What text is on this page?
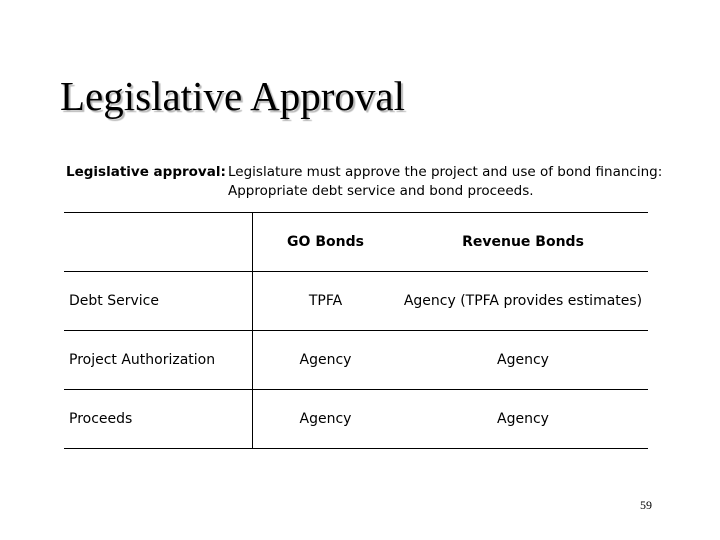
Legislative Approval
Legislative approval: Legislature must approve the project and use of bond financing:
Appropriate debt service and bond proceeds.
	GO Bonds	Revenue Bonds
Debt Service	TPFA	Agency (TPFA provides estimates)
Project Authorization	Agency	Agency
Proceeds	Agency	Agency
59
